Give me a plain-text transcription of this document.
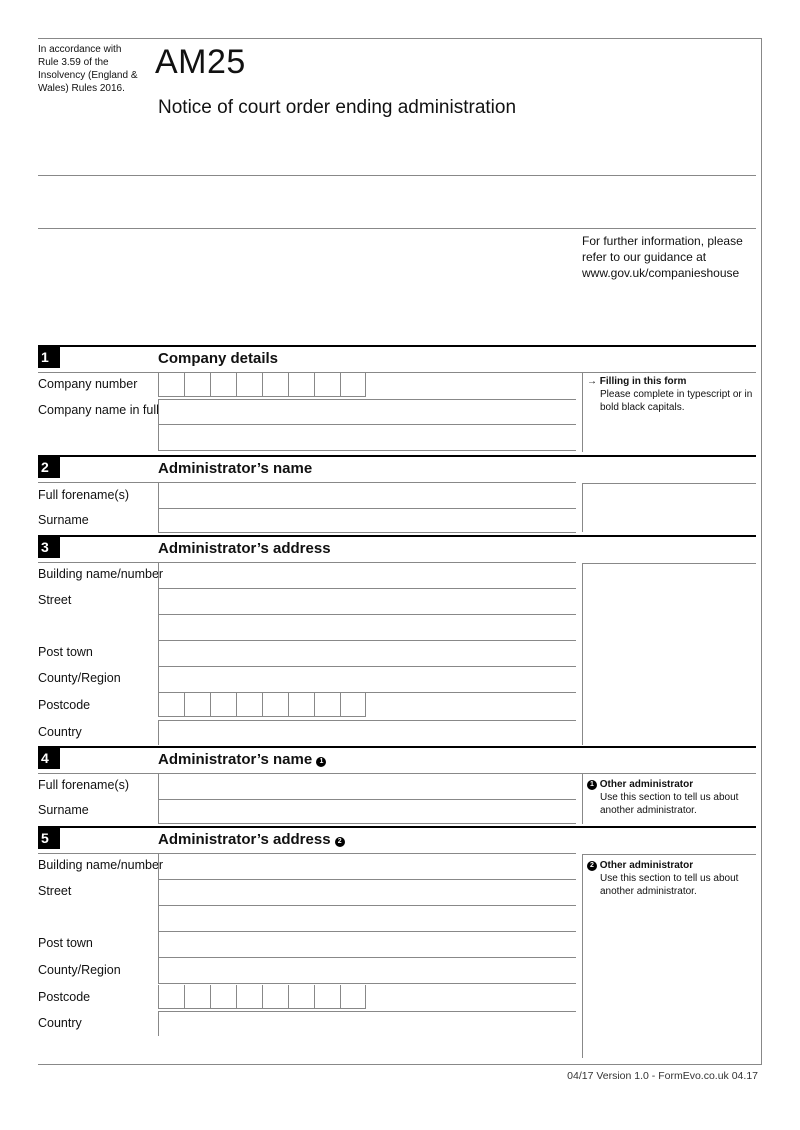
In accordance with
Rule 3.59 of the
Insolvency (England &
Wales) Rules 2016.
AM25
Notice of court order ending administration
For further information, please
refer to our guidance at
www.gov.uk/companieshouse
1	Company details
Company number
Company name in full
→ Filling in this form
Please complete in typescript or in
bold black capitals.
2	Administrator’s name
Full forename(s)
Surname
3	Administrator’s address
Building name/number
Street
Post town
County/Region
Postcode
Country
4	Administrator’s name 1
Full forename(s)
Surname
1 Other administrator
Use this section to tell us about
another administrator.
5	Administrator’s address 2
Building name/number
Street
Post town
County/Region
Postcode
Country
2 Other administrator
Use this section to tell us about
another administrator.
04/17 Version 1.0 - FormEvo.co.uk 04.17
